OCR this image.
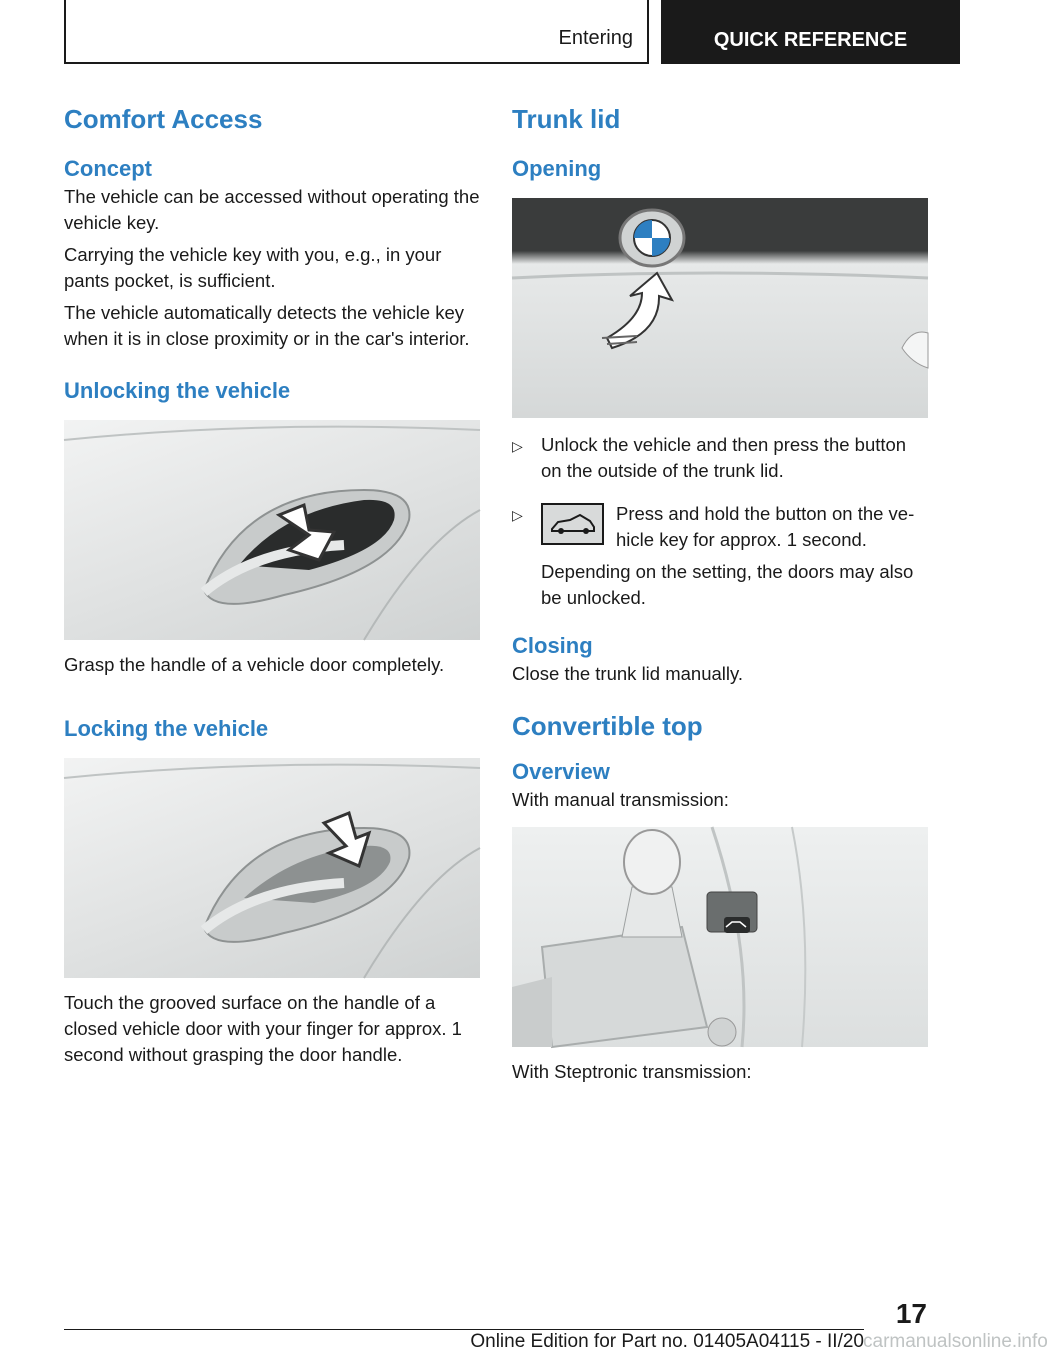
Entering	QUICK REFERENCE
Comfort Access
Concept

The vehicle can be accessed without operating the vehicle key.

Carrying the vehicle key with you, e.g., in your pants pocket, is sufficient.

The vehicle automatically detects the vehicle key when it is in close proximity or in the car's interior.

Unlocking the vehicle

Grasp the handle of a vehicle door completely.

Locking the vehicle

Touch the grooved surface on the handle of a closed vehicle door with your finger for approx. 1 second without grasping the door handle.

Trunk lid
Opening
▷ Unlock the vehicle and then press the button on the outside of the trunk lid.
▷	Press and hold the button on the vehicle key for approx. 1 second.

Depending on the setting, the doors may also be unlocked.

Closing

Close the trunk lid manually.

Convertible top
Overview

With manual transmission:

With Steptronic transmission:

17
Online Edition for Part no. 01405A04115 - II/20 carmanualsonline.info
